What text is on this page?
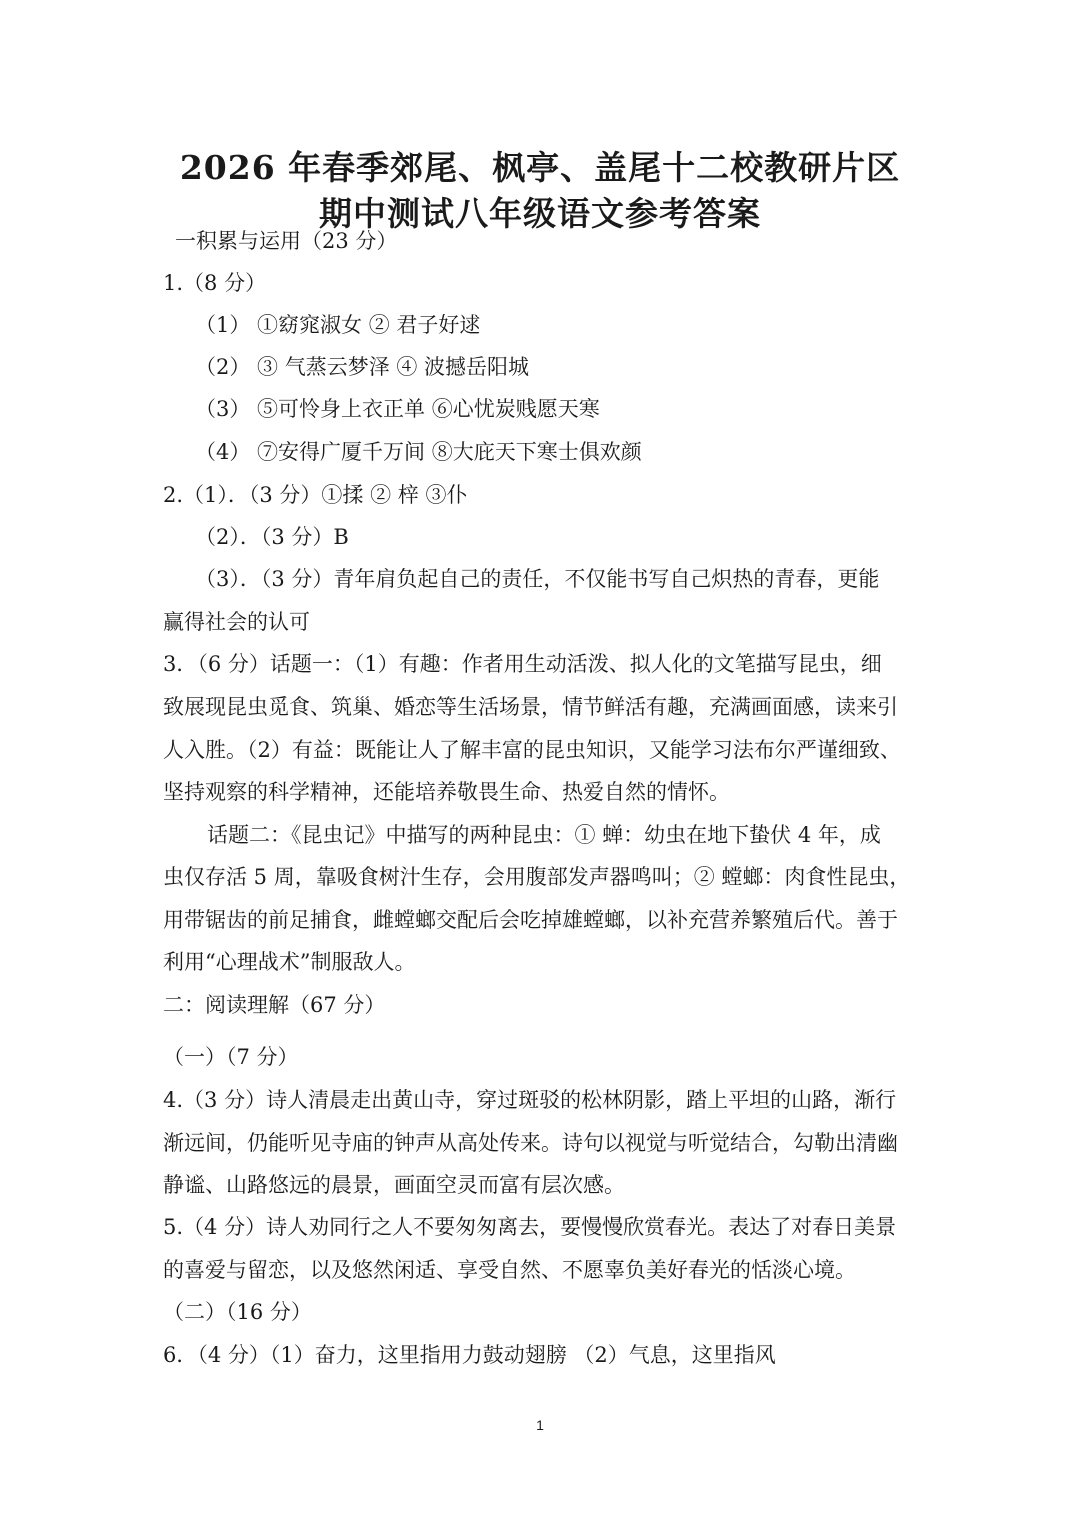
2026 年春季郊尾、枫亭、盖尾十二校教研片区
期中测试八年级语文参考答案
一积累与运用（23 分）
1.（8 分）
（1） ①窈窕淑女 ② 君子好逑
（2） ③ 气蒸云梦泽 ④ 波撼岳阳城
（3） ⑤可怜身上衣正单 ⑥心忧炭贱愿天寒
（4） ⑦安得广厦千万间 ⑧大庇天下寒士俱欢颜
2.（1）．（3 分）①揉 ② 梓 ③仆
（2）．（3 分）B
（3）．（3 分）青年肩负起自己的责任，不仅能书写自己炽热的青春，更能
赢得社会的认可
3．（6 分）话题一：（1）有趣：作者用生动活泼、拟人化的文笔描写昆虫，细
致展现昆虫觅食、筑巢、婚恋等生活场景，情节鲜活有趣，充满画面感，读来引
人入胜。（2）有益：既能让人了解丰富的昆虫知识，又能学习法布尔严谨细致、
坚持观察的科学精神，还能培养敬畏生命、热爱自然的情怀。
话题二：《昆虫记》中描写的两种昆虫：① 蝉：幼虫在地下蛰伏 4 年，成
虫仅存活 5 周，靠吸食树汁生存，会用腹部发声器鸣叫；② 螳螂：肉食性昆虫，
用带锯齿的前足捕食，雌螳螂交配后会吃掉雄螳螂，以补充营养繁殖后代。善于
利用“心理战术”制服敌人。
二：阅读理解（67 分）
（一）（7 分）
4.（3 分）诗人清晨走出黄山寺，穿过斑驳的松林阴影，踏上平坦的山路，渐行
渐远间，仍能听见寺庙的钟声从高处传来。诗句以视觉与听觉结合，勾勒出清幽
静谧、山路悠远的晨景，画面空灵而富有层次感。
5.（4 分）诗人劝同行之人不要匆匆离去，要慢慢欣赏春光。表达了对春日美景
的喜爱与留恋，以及悠然闲适、享受自然、不愿辜负美好春光的恬淡心境。
（二）（16 分）
6．（4 分）（1）奋力，这里指用力鼓动翅膀 （2）气息，这里指风
1
